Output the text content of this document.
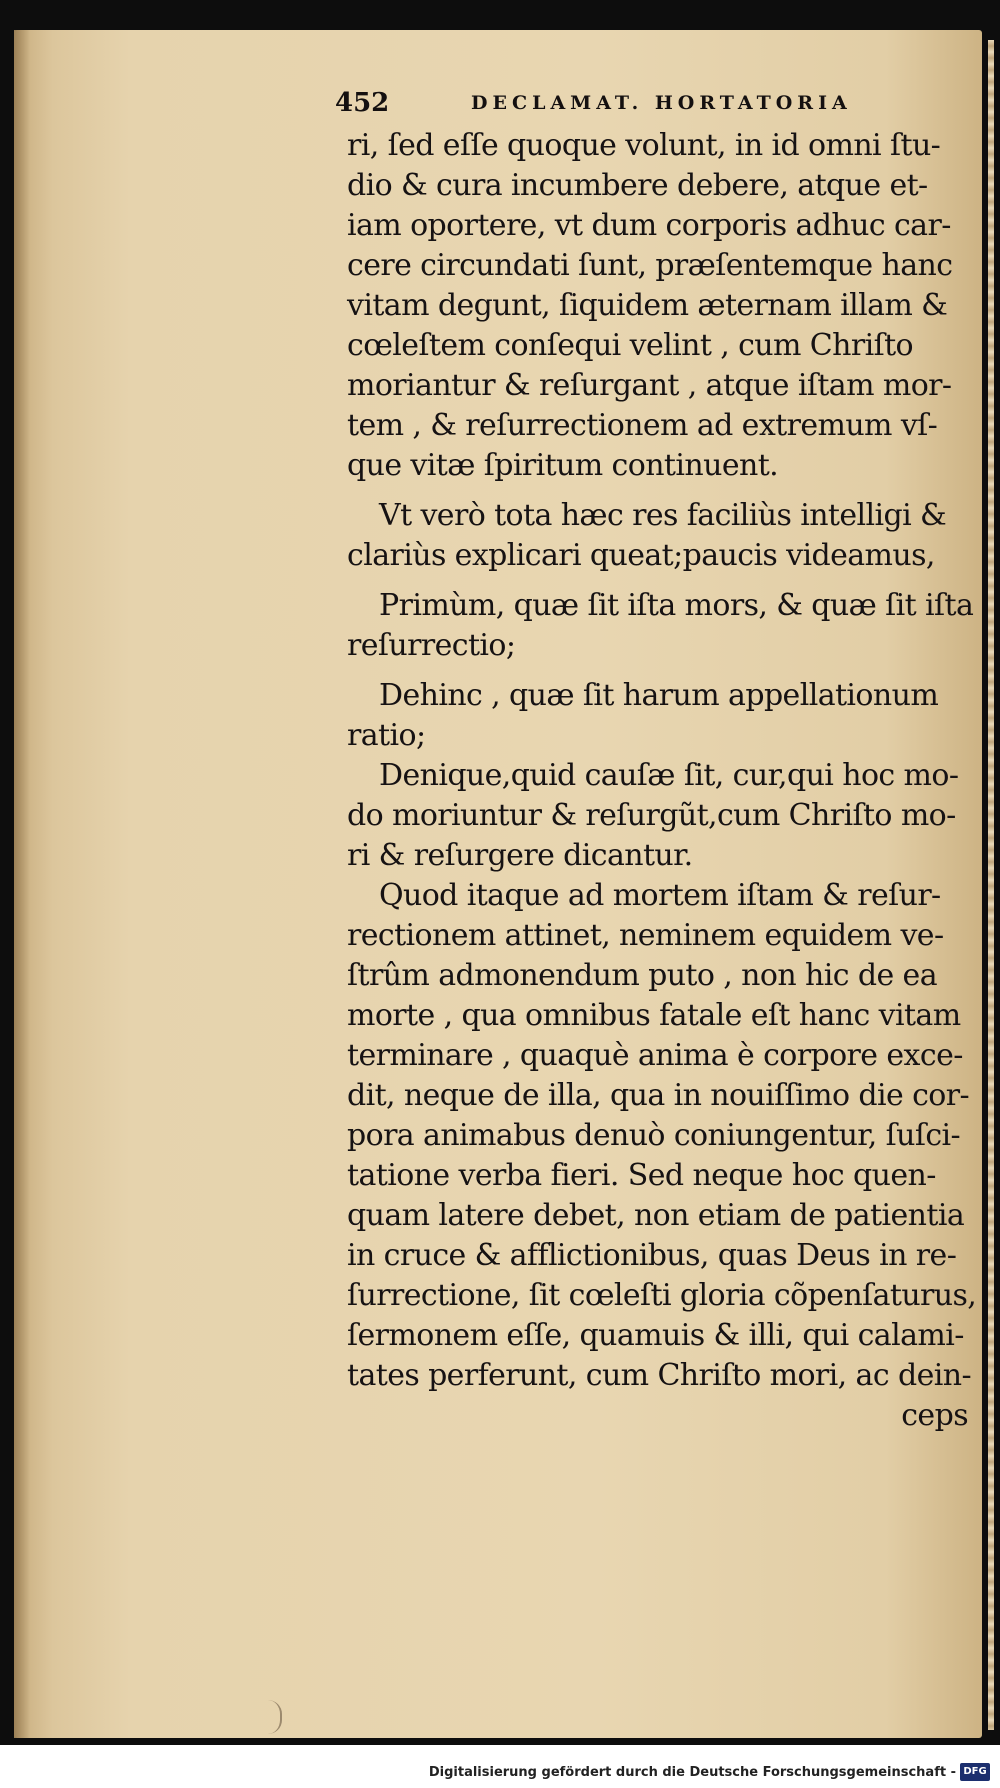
452	DECLAMAT. HORTATORIA
ri, ſed eſſe quoque volunt, in id omni ſtu-
dio & cura incumbere debere, atque et-
iam oportere, vt dum corporis adhuc car-
cere circundati ſunt, præſentemque hanc
vitam degunt, ſiquidem æternam illam &
cœleſtem conſequi velint , cum Chriſto
moriantur & reſurgant , atque iſtam mor-
tem , & reſurrectionem ad extremum vſ-
que vitæ ſpiritum continuent.
Vt verò tota hæc res faciliùs intelligi &
clariùs explicari queat;paucis videamus,
Primùm, quæ ſit iſta mors, & quæ ſit iſta
reſurrectio;
Dehinc , quæ ſit harum appellationum
ratio;
Denique,quid cauſæ ſit, cur,qui hoc mo-
do moriuntur & reſurgũt,cum Chriſto mo-
ri & reſurgere dicantur.
Quod itaque ad mortem iſtam & reſur-
rectionem attinet, neminem equidem ve-
ſtrûm admonendum puto , non hic de ea
morte , qua omnibus fatale eſt hanc vitam
terminare , quaquè anima è corpore exce-
dit, neque de illa, qua in nouiſſimo die cor-
pora animabus denuò coniungentur, ſuſci-
tatione verba fieri. Sed neque hoc quen-
quam latere debet, non etiam de patientia
in cruce & afflictionibus, quas Deus in re-
ſurrectione, ſit cœleſti gloria cõpenſaturus,
ſermonem eſſe, quamuis & illi, qui calami-
tates perferunt, cum Chriſto mori, ac dein-
ceps
Digitalisierung gefördert durch die Deutsche Forschungsgemeinschaft - DFG
